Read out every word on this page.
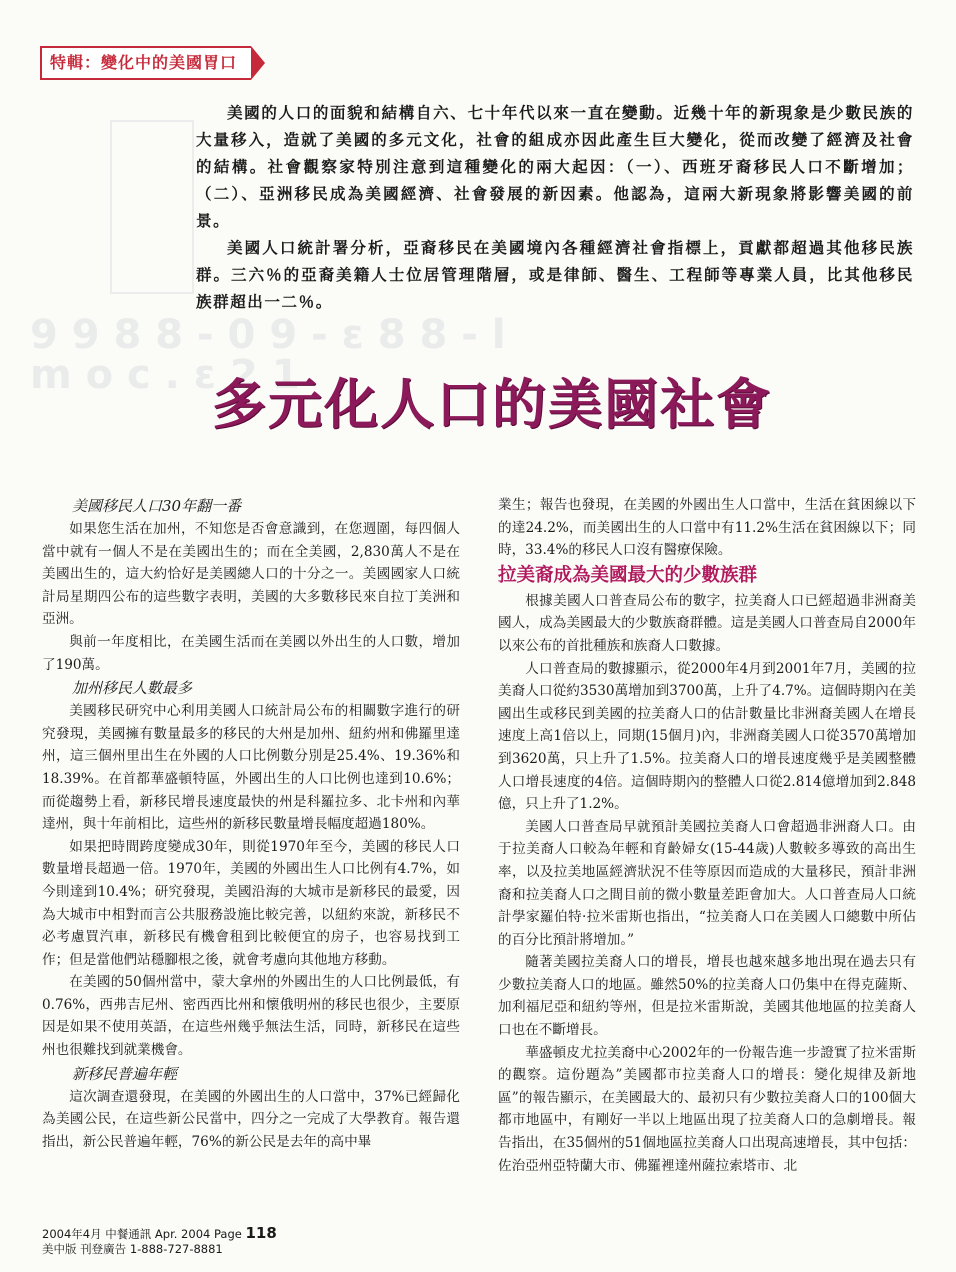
9 9 8 8 - 0 9 - ε 8 8 - l
m o c . ε 2 1
特輯：變化中的美國胃口

美國的人口的面貌和結構自六、七十年代以來一直在變動。近幾十年的新現象是少數民族的大量移入，造就了美國的多元文化，社會的組成亦因此產生巨大變化，從而改變了經濟及社會的結構。社會觀察家特別注意到這種變化的兩大起因：（一）、西班牙裔移民人口不斷增加；（二）、亞洲移民成為美國經濟、社會發展的新因素。他認為，這兩大新現象將影響美國的前景。

美國人口統計署分析，亞裔移民在美國境內各種經濟社會指標上，貢獻都超過其他移民族群。三六％的亞裔美籍人士位居管理階層，或是律師、醫生、工程師等專業人員，比其他移民族群超出一二％。

多元化人口的美國社會

美國移民人口30年翻一番

如果您生活在加州，不知您是否會意識到，在您週圍，每四個人當中就有一個人不是在美國出生的；而在全美國，2,830萬人不是在美國出生的，這大約恰好是美國總人口的十分之一。美國國家人口統計局星期四公布的這些數字表明，美國的大多數移民來自拉丁美洲和亞洲。

與前一年度相比，在美國生活而在美國以外出生的人口數，增加了190萬。

加州移民人數最多

美國移民研究中心利用美國人口統計局公布的相關數字進行的研究發現，美國擁有數量最多的移民的大州是加州、紐約州和佛羅里達州，這三個州里出生在外國的人口比例數分別是25.4%、19.36%和18.39%。在首都華盛頓特區，外國出生的人口比例也達到10.6%；而從趨勢上看，新移民增長速度最快的州是科羅拉多、北卡州和內華達州，與十年前相比，這些州的新移民數量增長幅度超過180%。

如果把時間跨度變成30年，則從1970年至今，美國的移民人口數量增長超過一倍。1970年，美國的外國出生人口比例有4.7%，如今則達到10.4%；研究發現，美國沿海的大城市是新移民的最愛，因為大城市中相對而言公共服務設施比較完善，以紐約來說，新移民不必考慮買汽車，新移民有機會租到比較便宜的房子，也容易找到工作；但是當他們站穩腳根之後，就會考慮向其他地方移動。

在美國的50個州當中，蒙大拿州的外國出生的人口比例最低，有0.76%，西弗吉尼州、密西西比州和懷俄明州的移民也很少，主要原因是如果不使用英語，在這些州幾乎無法生活，同時，新移民在這些州也很難找到就業機會。

新移民普遍年輕

這次調查還發現，在美國的外國出生的人口當中，37%已經歸化為美國公民，在這些新公民當中，四分之一完成了大學教育。報告還指出，新公民普遍年輕，76%的新公民是去年的高中畢

業生；報告也發現，在美國的外國出生人口當中，生活在貧困線以下的達24.2%，而美國出生的人口當中有11.2%生活在貧困線以下；同時，33.4%的移民人口沒有醫療保險。

拉美裔成為美國最大的少數族群

根據美國人口普查局公布的數字，拉美裔人口已經超過非洲裔美國人，成為美國最大的少數族裔群體。這是美國人口普查局自2000年以來公布的首批種族和族裔人口數據。

人口普查局的數據顯示，從2000年4月到2001年7月，美國的拉美裔人口從約3530萬增加到3700萬，上升了4.7%。這個時期內在美國出生或移民到美國的拉美裔人口的估計數量比非洲裔美國人在增長速度上高1倍以上，同期(15個月)內，非洲裔美國人口從3570萬增加到3620萬，只上升了1.5%。拉美裔人口的增長速度幾乎是美國整體人口增長速度的4倍。這個時期內的整體人口從2.814億增加到2.848億，只上升了1.2%。

美國人口普查局早就預計美國拉美裔人口會超過非洲裔人口。由于拉美裔人口較為年輕和育齡婦女(15-44歲)人數較多導致的高出生率，以及拉美地區經濟狀況不佳等原因而造成的大量移民，預計非洲裔和拉美裔人口之間目前的微小數量差距會加大。人口普查局人口統計學家羅伯特·拉米雷斯也指出，“拉美裔人口在美國人口總數中所佔的百分比預計將增加。”

隨著美國拉美裔人口的增長，增長也越來越多地出現在過去只有少數拉美裔人口的地區。雖然50%的拉美裔人口仍集中在得克薩斯、加利福尼亞和紐約等州，但是拉米雷斯說，美國其他地區的拉美裔人口也在不斷增長。

華盛頓皮尤拉美裔中心2002年的一份報告進一步證實了拉米雷斯的觀察。這份題為”美國都市拉美裔人口的增長：變化規律及新地區”的報告顯示，在美國最大的、最初只有少數拉美裔人口的100個大都市地區中，有剛好一半以上地區出現了拉美裔人口的急劇增長。報告指出，在35個州的51個地區拉美裔人口出現高速增長，其中包括：佐治亞州亞特蘭大市、佛羅裡達州薩拉索塔市、北

2004年4月 中餐通訊 Apr. 2004 Page 118
美中版 刊登廣告 1-888-727-8881
